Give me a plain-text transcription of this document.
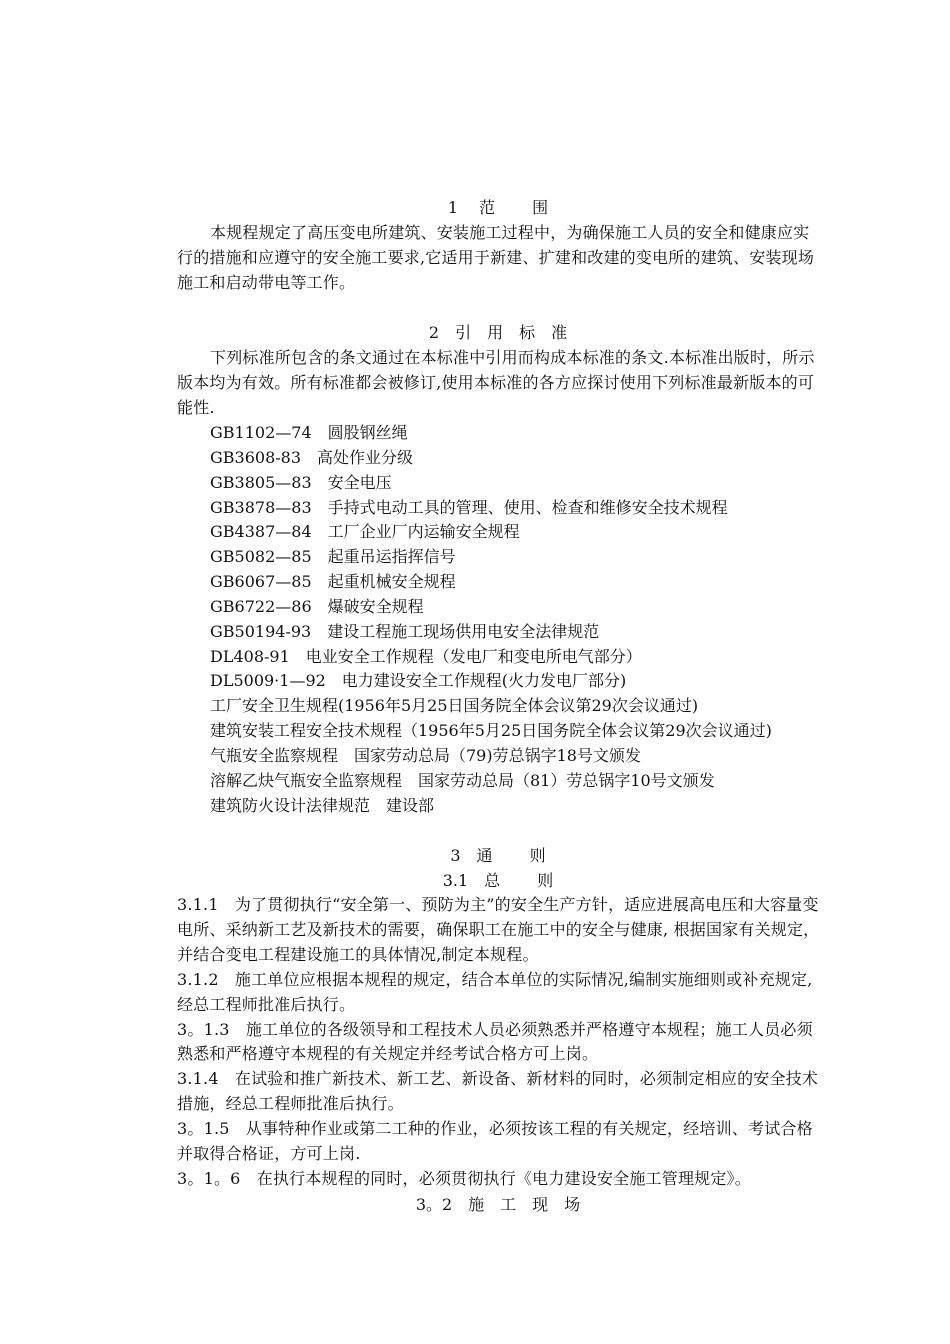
1　 范　　 围
本规程规定了高压变电所建筑、安装施工过程中，为确保施工人员的安全和健康应实行的措施和应遵守的安全施工要求,它适用于新建、扩建和改建的变电所的建筑、安装现场施工和启动带电等工作。
2　引　用　标　准
下列标准所包含的条文通过在本标准中引用而构成本标准的条文.本标准出版时，所示版本均为有效。所有标准都会被修订,使用本标准的各方应探讨使用下列标准最新版本的可能性.
GB1102—74　圆股钢丝绳
GB3608-83　高处作业分级
GB3805—83　安全电压
GB3878—83　手持式电动工具的管理、使用、检查和维修安全技术规程
GB4387—84　工厂企业厂内运输安全规程
GB5082—85　起重吊运指挥信号
GB6067—85　起重机械安全规程
GB6722—86　爆破安全规程
GB50194-93　建设工程施工现场供用电安全法律规范
DL408-91　电业安全工作规程（发电厂和变电所电气部分）
DL5009·1—92　电力建设安全工作规程(火力发电厂部分)
工厂安全卫生规程(1956年5月25日国务院全体会议第29次会议通过)
建筑安装工程安全技术规程（1956年5月25日国务院全体会议第29次会议通过)
气瓶安全监察规程　国家劳动总局（79)劳总锅字18号文颁发
溶解乙炔气瓶安全监察规程　国家劳动总局（81）劳总锅字10号文颁发
建筑防火设计法律规范　建设部
3　通　　 则
3.1　总　　 则

3.1.1　为了贯彻执行“安全第一、预防为主”的安全生产方针，适应进展高电压和大容量变电所、采纳新工艺及新技术的需要，确保职工在施工中的安全与健康, 根据国家有关规定，并结合变电工程建设施工的具体情况,制定本规程。

3.1.2　施工单位应根据本规程的规定，结合本单位的实际情况,编制实施细则或补充规定,经总工程师批准后执行。

3。1.3　施工单位的各级领导和工程技术人员必须熟悉并严格遵守本规程；施工人员必须熟悉和严格遵守本规程的有关规定并经考试合格方可上岗。

3.1.4　在试验和推广新技术、新工艺、新设备、新材料的同时，必须制定相应的安全技术措施，经总工程师批准后执行。

3。1.5　从事特种作业或第二工种的作业，必须按该工程的有关规定，经培训、考试合格并取得合格证，方可上岗.

3。1。6　在执行本规程的同时，必须贯彻执行《电力建设安全施工管理规定》。

3。2　施　工　现　场
